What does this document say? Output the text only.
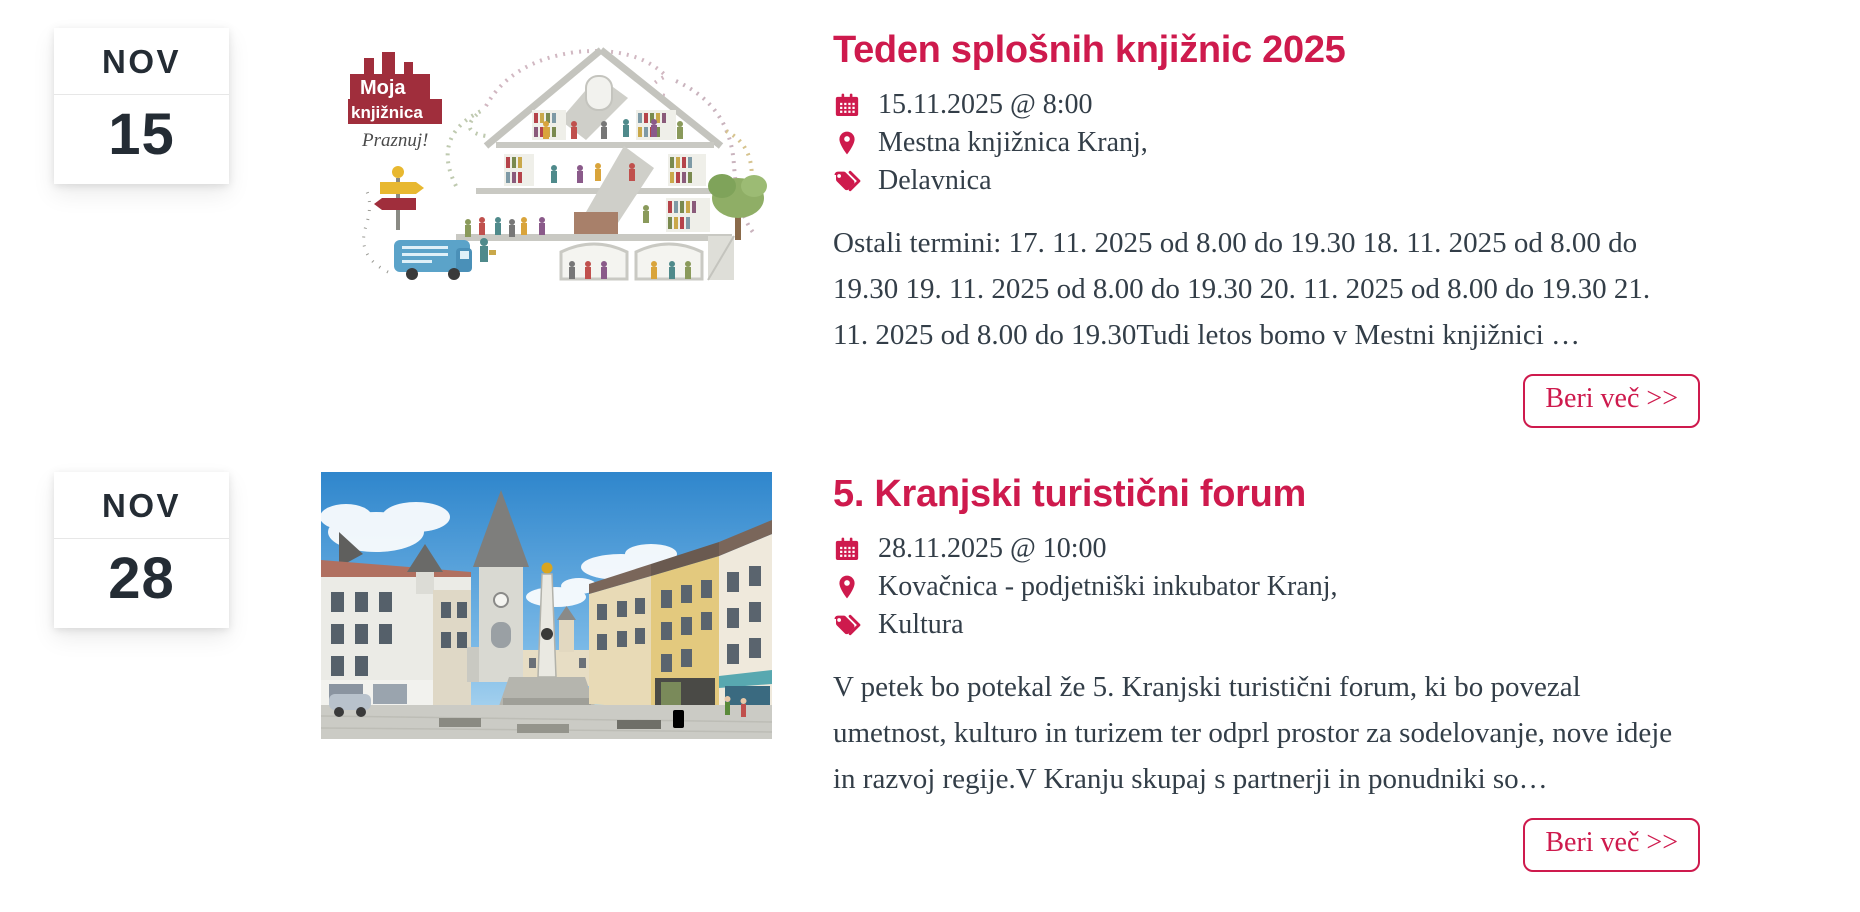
NOV
15
Moja
knjižnica
Praznuj!
Teden splošnih knjižnic 2025
15.11.2025 @ 8:00
Mestna knjižnica Kranj,
Delavnica

Ostali termini: 17. 11. 2025 od 8.00 do 19.30 18. 11. 2025 od 8.00 do 19.30 19. 11. 2025 od 8.00 do 19.30 20. 11. 2025 od 8.00 do 19.30 21. 11. 2025 od 8.00 do 19.30Tudi letos bomo v Mestni knjižnici …

Beri več >>
NOV
28
5. Kranjski turistični forum
28.11.2025 @ 10:00
Kovačnica - podjetniški inkubator Kranj,
Kultura

V petek bo potekal že 5. Kranjski turistični forum, ki bo povezal umetnost, kulturo in turizem ter odprl prostor za sodelovanje, nove ideje in razvoj regije.V Kranju skupaj s partnerji in ponudniki so…

Beri več >>
